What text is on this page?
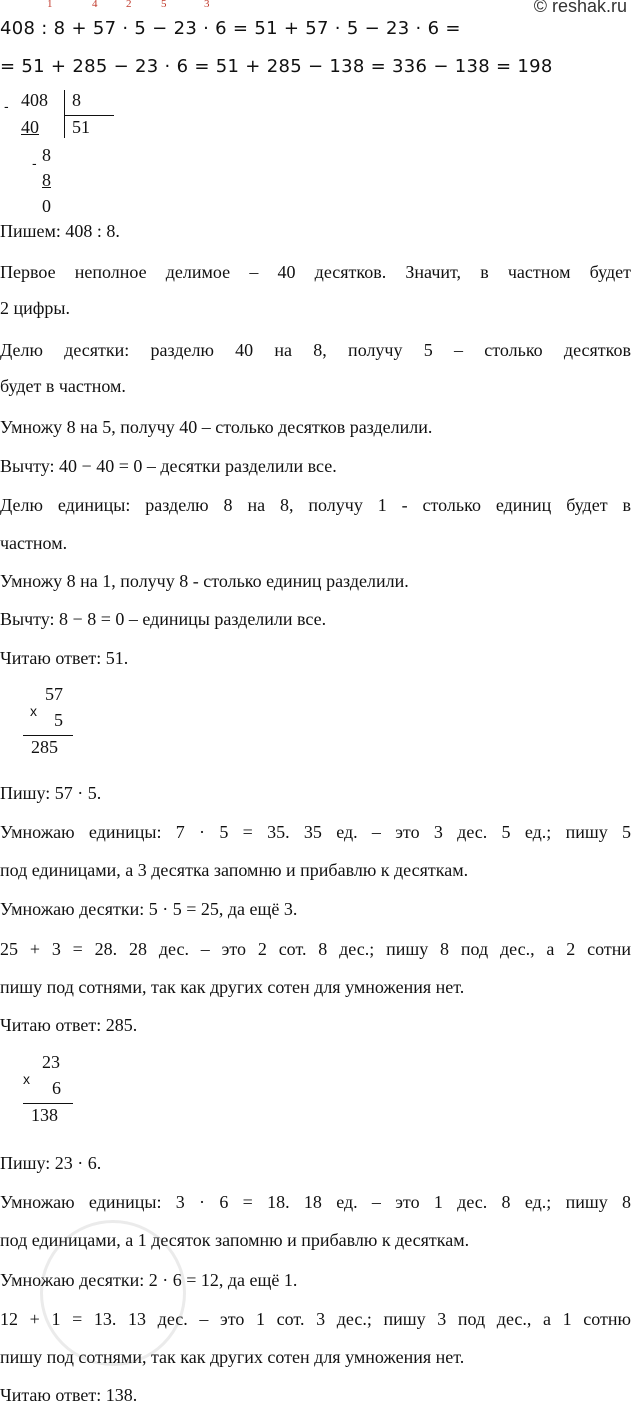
© reshak.ru
1	4	2	5	3
408 : 8 + 57 · 5 − 23 · 6 = 51 + 57 · 5 − 23 · 6 =
= 51 + 285 − 23 · 6 = 51 + 285 − 138 = 336 − 138 = 198
- 408 8
40 51
- 8
8
0
Пишем: 408 : 8.
Первое неполное делимое – 40 десятков. Значит, в частном будет
2 цифры.
Делю десятки: разделю 40 на 8, получу 5 – столько десятков
будет в частном.
Умножу 8 на 5, получу 40 – столько десятков разделили.
Вычту: 40 − 40 = 0 – десятки разделили все.
Делю единицы: разделю 8 на 8, получу 1 - столько единиц будет в
частном.
Умножу 8 на 1, получу 8 - столько единиц разделили.
Вычту: 8 − 8 = 0 – единицы разделили все.
Читаю ответ: 51.
x
57
5
285
Пишу: 57 · 5.
Умножаю единицы: 7 · 5 = 35. 35 ед. – это 3 дес. 5 ед.; пишу 5
под единицами, а 3 десятка запомню и прибавлю к десяткам.
Умножаю десятки: 5 · 5 = 25, да ещё 3.
25 + 3 = 28. 28 дес. – это 2 сот. 8 дес.; пишу 8 под дес., а 2 сотни
пишу под сотнями, так как других сотен для умножения нет.
Читаю ответ: 285.
x
23
6
138
Пишу: 23 · 6.
Умножаю единицы: 3 · 6 = 18. 18 ед. – это 1 дес. 8 ед.; пишу 8
под единицами, а 1 десяток запомню и прибавлю к десяткам.
Умножаю десятки: 2 · 6 = 12, да ещё 1.
12 + 1 = 13. 13 дес. – это 1 сот. 3 дес.; пишу 3 под дес., а 1 сотню
пишу под сотнями, так как других сотен для умножения нет.
Читаю ответ: 138.
